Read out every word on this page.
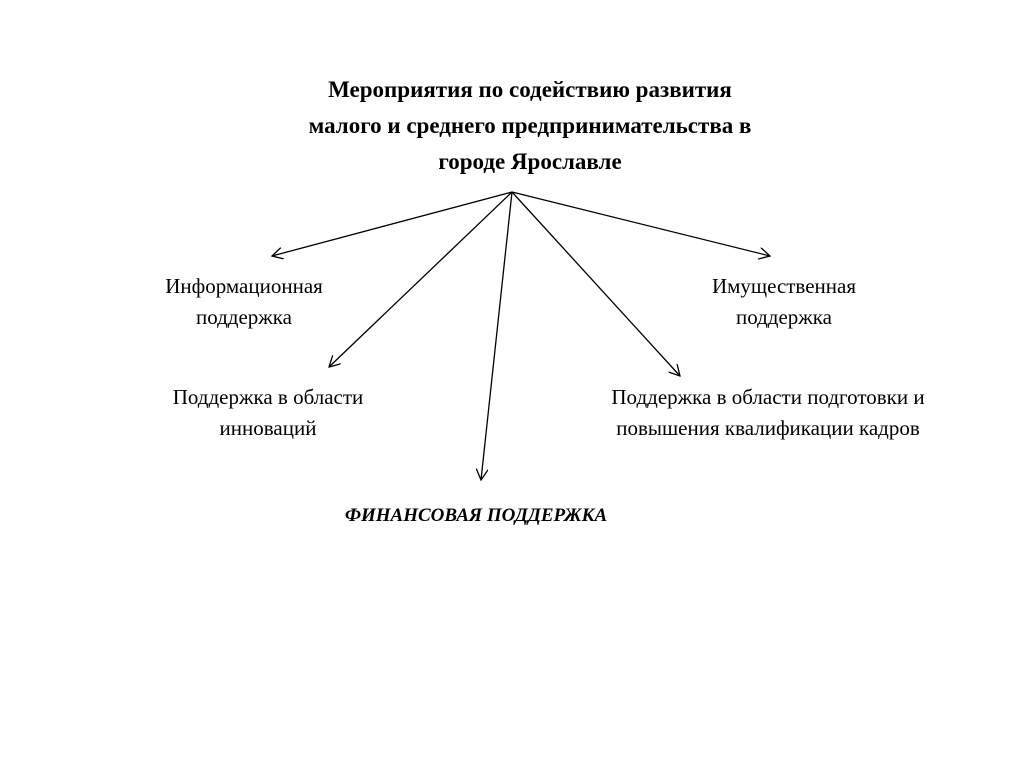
Мероприятия по содействию развития
малого и среднего предпринимательства в
городе Ярославле
Информационная
поддержка
Имущественная
поддержка
Поддержка в области
инноваций
Поддержка в области подготовки и
повышения квалификации кадров
ФИНАНСОВАЯ ПОДДЕРЖКА
